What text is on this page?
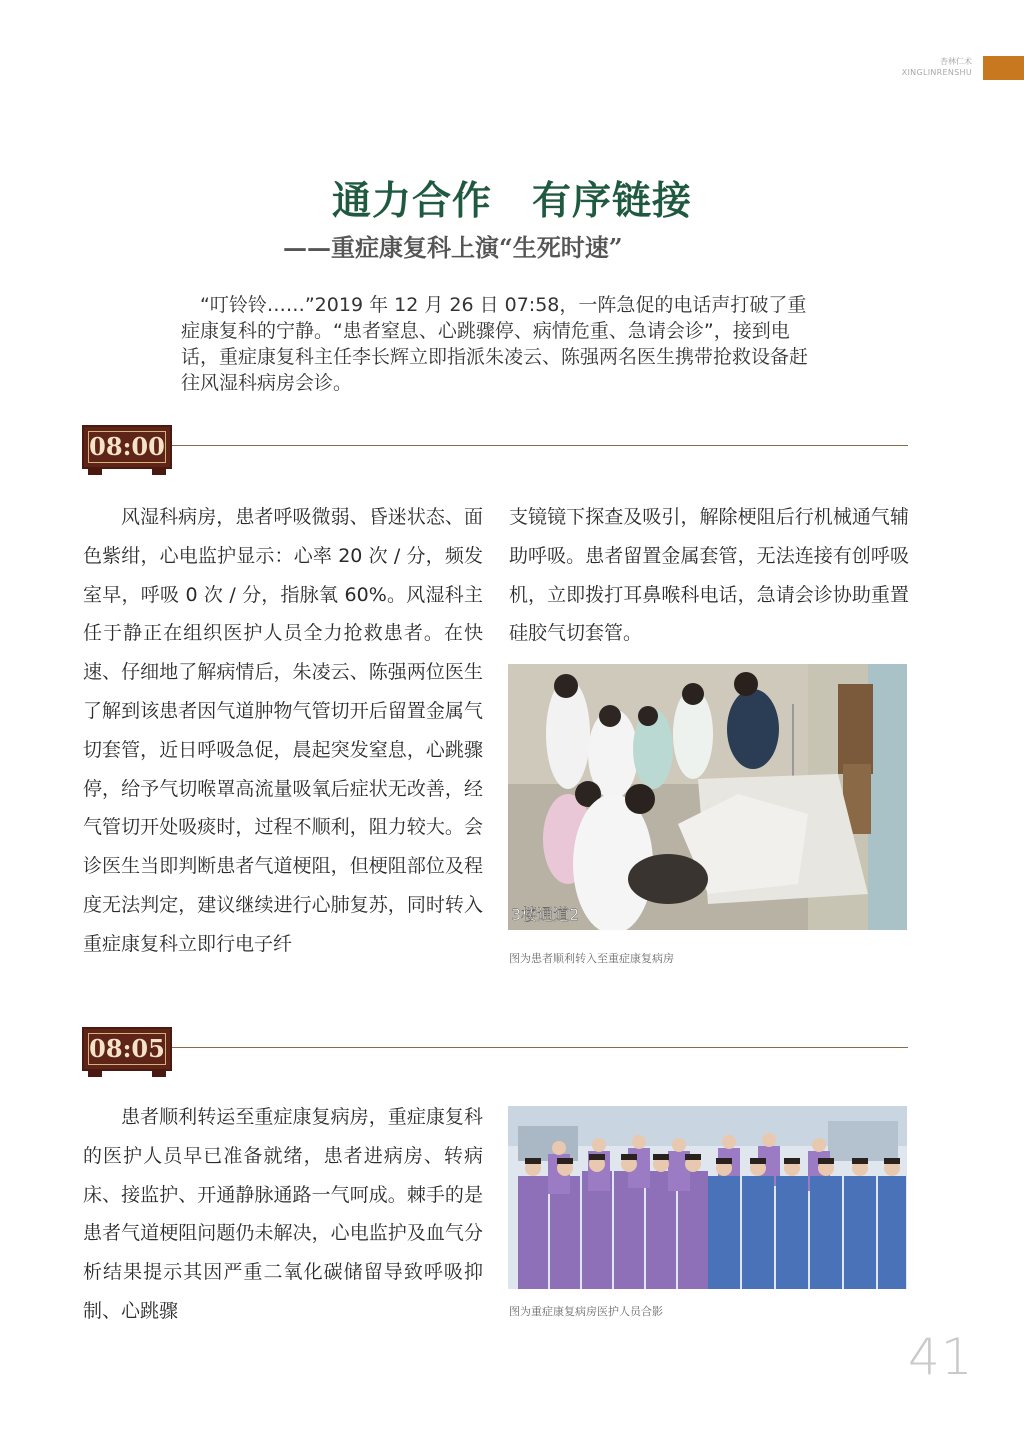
杏林仁术
XINGLINRENSHU
通力合作 有序链接
——重症康复科上演“生死时速”

“叮铃铃……”2019 年 12 月 26 日 07:58，一阵急促的电话声打破了重症康复科的宁静。“患者窒息、心跳骤停、病情危重、急请会诊”，接到电话，重症康复科主任李长辉立即指派朱凌云、陈强两名医生携带抢救设备赶往风湿科病房会诊。

08:00

风湿科病房，患者呼吸微弱、昏迷状态、面色紫绀，心电监护显示：心率 20 次 / 分，频发室早，呼吸 0 次 / 分，指脉氧 60%。风湿科主任于静正在组织医护人员全力抢救患者。在快速、仔细地了解病情后，朱凌云、陈强两位医生了解到该患者因气道肿物气管切开后留置金属气切套管，近日呼吸急促，晨起突发窒息，心跳骤停，给予气切喉罩高流量吸氧后症状无改善，经气管切开处吸痰时，过程不顺利，阻力较大。会诊医生当即判断患者气道梗阻，但梗阻部位及程度无法判定，建议继续进行心肺复苏，同时转入重症康复科立即行电子纤

支镜镜下探查及吸引，解除梗阻后行机械通气辅助呼吸。患者留置金属套管，无法连接有创呼吸机，立即拨打耳鼻喉科电话，急请会诊协助重置硅胶气切套管。

3楼通道2
图为患者顺利转入至重症康复病房
08:05

患者顺利转运至重症康复病房，重症康复科的医护人员早已准备就绪，患者进病房、转病床、接监护、开通静脉通路一气呵成。棘手的是患者气道梗阻问题仍未解决，心电监护及血气分析结果提示其因严重二氧化碳储留导致呼吸抑制、心跳骤	图为重症康复病房医护人员合影
41
